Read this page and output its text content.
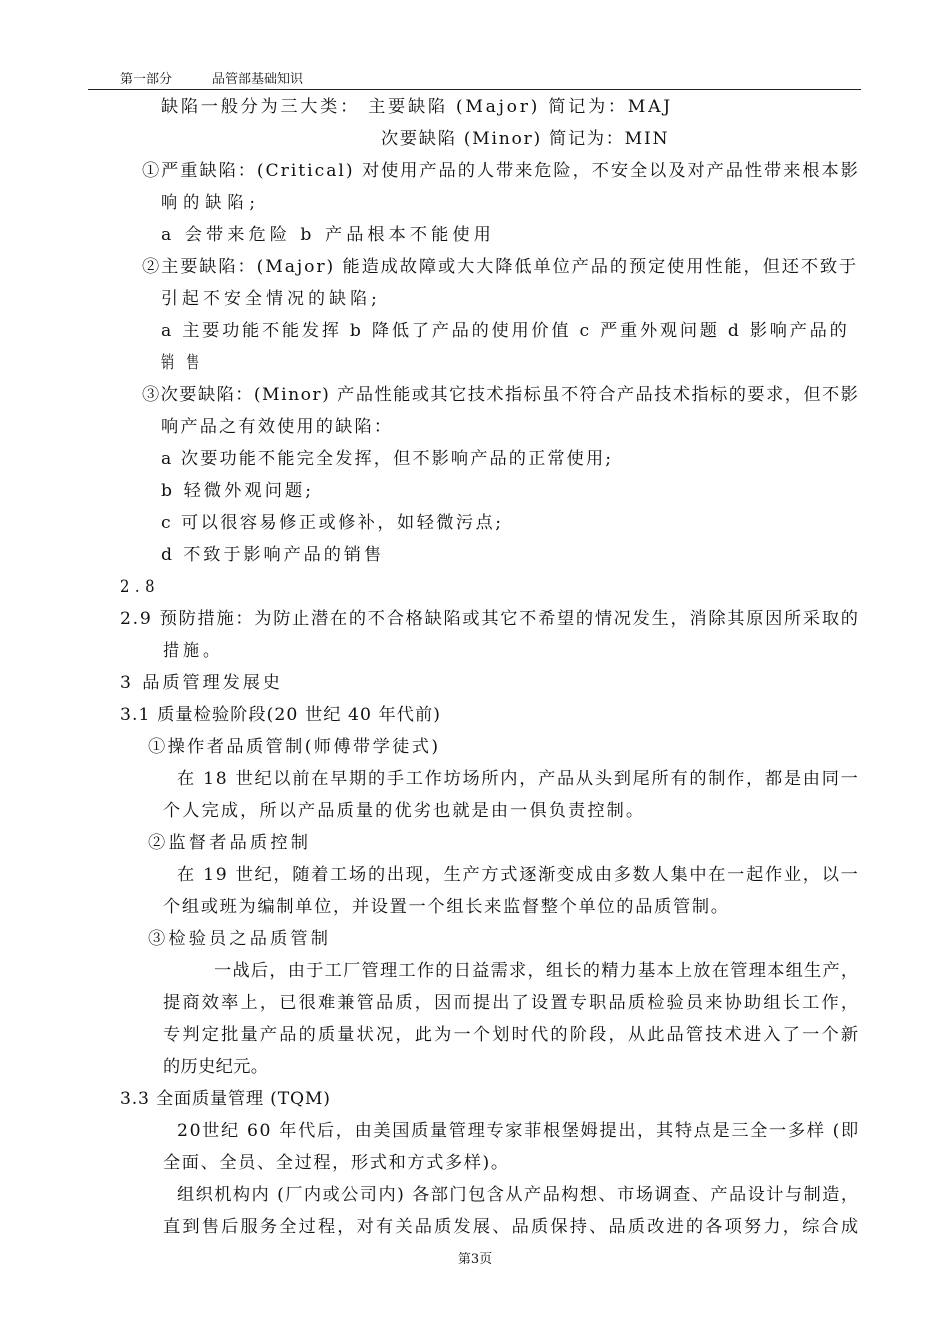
第一部分	品管部基础知识
缺陷一般分为三大类： 主要缺陷 (Major) 简记为：MAJ
次要缺陷 (Minor) 简记为：MIN
①严重缺陷：(Critical) 对使用产品的人带来危险，不安全以及对产品性带来根本影
响的缺陷;
a 会带来危险 b 产品根本不能使用
②主要缺陷：(Major) 能造成故障或大大降低单位产品的预定使用性能，但还不致于
引起不安全情况的缺陷;
a 主要功能不能发挥 b 降低了产品的使用价值 c 严重外观问题 d 影响产品的
销售
③次要缺陷：(Minor) 产品性能或其它技术指标虽不符合产品技术指标的要求，但不影
响产品之有效使用的缺陷：
a 次要功能不能完全发挥，但不影响产品的正常使用;
b 轻微外观问题;
c 可以很容易修正或修补，如轻微污点;
d 不致于影响产品的销售
2.8
2.9 预防措施：为防止潜在的不合格缺陷或其它不希望的情况发生，消除其原因所采取的
措施。
3 品质管理发展史
3.1 质量检验阶段(20 世纪 40 年代前)
①操作者品质管制(师傅带学徒式)
在 18 世纪以前在早期的手工作坊场所内，产品从头到尾所有的制作，都是由同一
个人完成，所以产品质量的优劣也就是由一俱负责控制。
②监督者品质控制
在 19 世纪，随着工场的出现，生产方式逐渐变成由多数人集中在一起作业，以一
个组或班为编制单位，并设置一个组长来监督整个单位的品质管制。
③检验员之品质管制
一战后，由于工厂管理工作的日益需求，组长的精力基本上放在管理本组生产，
提商效率上，已很难兼管品质，因而提出了设置专职品质检验员来协助组长工作，
专判定批量产品的质量状况，此为一个划时代的阶段，从此品管技术进入了一个新
的历史纪元。
3.3 全面质量管理 (TQM)
20世纪 60 年代后，由美国质量管理专家菲根堡姆提出，其特点是三全一多样 (即
全面、全员、全过程，形式和方式多样)。
组织机构内 (厂内或公司内) 各部门包含从产品构想、市场调查、产品设计与制造，
直到售后服务全过程，对有关品质发展、品质保持、品质改进的各项努力，综合成
第3页
